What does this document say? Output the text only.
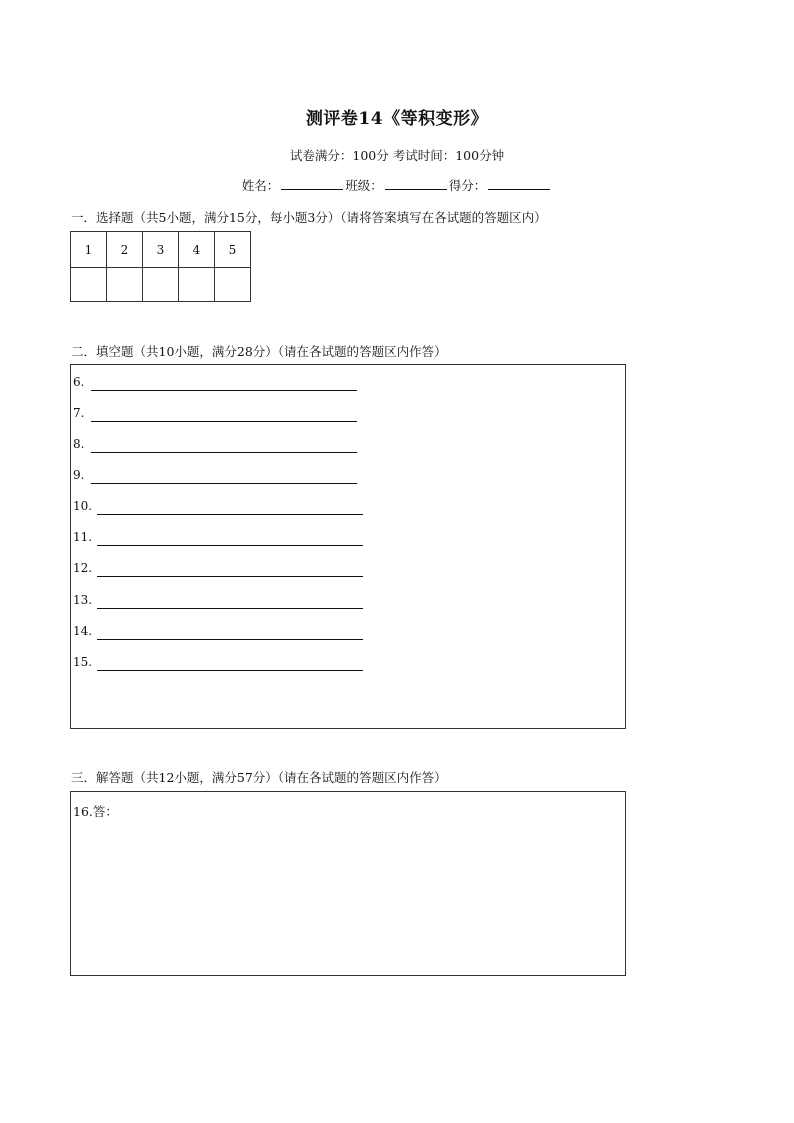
测评卷14《等积变形》
试卷满分：100分 考试时间：100分钟
姓名：	班级：	得分：
一．选择题（共5小题，满分15分，每小题3分）（请将答案填写在各试题的答题区内）
1	2	3	4	5

二．填空题（共10小题，满分28分）（请在各试题的答题区内作答）
6.
7.
8.
9.
10.
11.
12.
13.
14.
15.
三．解答题（共12小题，满分57分）（请在各试题的答题区内作答）
16.答：
